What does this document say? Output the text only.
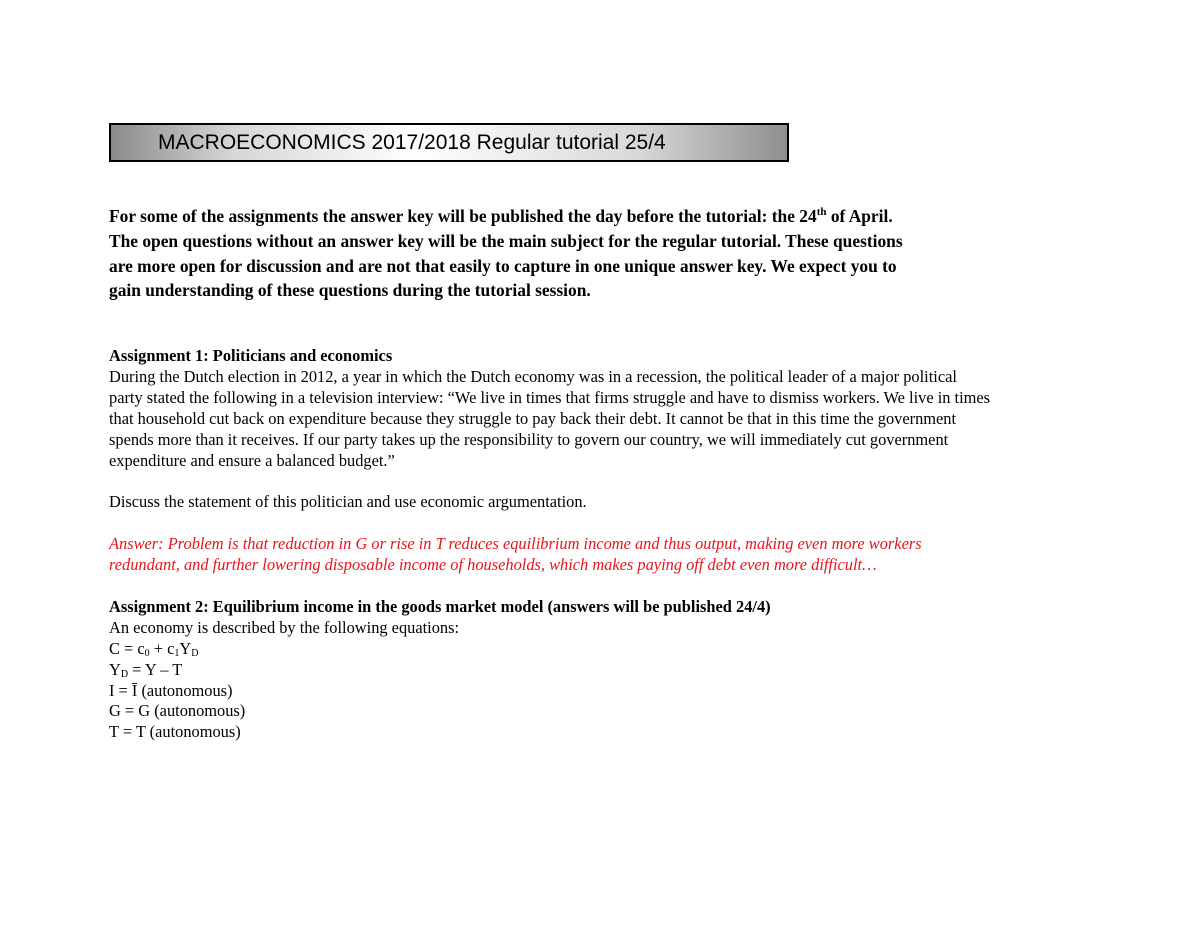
MACROECONOMICS 2017/2018 Regular tutorial 25/4
For some of the assignments the answer key will be published the day before the tutorial: the 24th of April.
The open questions without an answer key will be the main subject for the regular tutorial. These questions
are more open for discussion and are not that easily to capture in one unique answer key. We expect you to
gain understanding of these questions during the tutorial session.
Assignment 1: Politicians and economics
During the Dutch election in 2012, a year in which the Dutch economy was in a recession, the political leader of a major political
party stated the following in a television interview: “We live in times that firms struggle and have to dismiss workers. We live in times
that household cut back on expenditure because they struggle to pay back their debt. It cannot be that in this time the government
spends more than it receives. If our party takes up the responsibility to govern our country, we will immediately cut government
expenditure and ensure a balanced budget.”

Discuss the statement of this politician and use economic argumentation.

Answer: Problem is that reduction in G or rise in T reduces equilibrium income and thus output, making even more workers
redundant, and further lowering disposable income of households, which makes paying off debt even more difficult…

Assignment 2: Equilibrium income in the goods market model (answers will be published 24/4)
An economy is described by the following equations:
$C = c_0 + c_1Y_D$
$Y_D = Y - T$
I = Ī (autonomous)
G = G (autonomous)
T = T (autonomous)
